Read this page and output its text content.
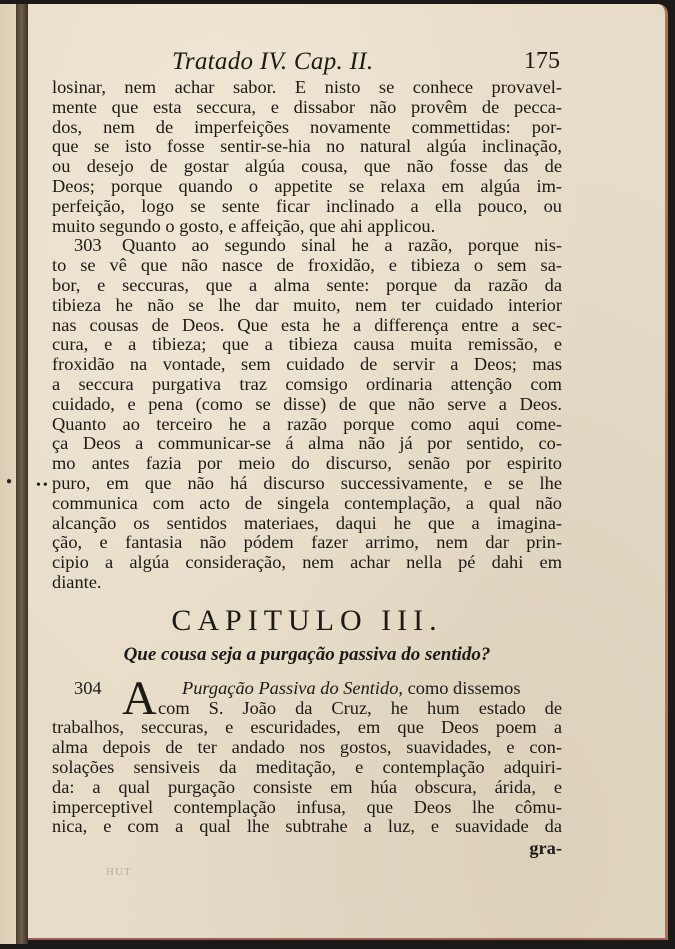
●
HUT
••
Tratado IV. Cap. II.	175
losinar, nem achar sabor. E nisto se conhece provavel-
mente que esta seccura, e dissabor não provêm de pecca-
dos, nem de imperfeições novamente commettidas: por-
que se isto fosse sentir-se-hia no natural algúa inclinação,
ou desejo de gostar algúa cousa, que não fosse das de
Deos; porque quando o appetite se relaxa em algúa im-
perfeição, logo se sente ficar inclinado a ella pouco, ou
muito segundo o gosto, e affeição, que ahi applicou.
303 Quanto ao segundo sinal he a razão, porque nis-
to se vê que não nasce de froxidão, e tibieza o sem sa-
bor, e seccuras, que a alma sente: porque da razão da
tibieza he não se lhe dar muito, nem ter cuidado interior
nas cousas de Deos. Que esta he a differença entre a sec-
cura, e a tibieza; que a tibieza causa muita remissão, e
froxidão na vontade, sem cuidado de servir a Deos; mas
a seccura purgativa traz comsigo ordinaria attenção com
cuidado, e pena (como se disse) de que não serve a Deos.
Quanto ao terceiro he a razão porque como aqui come-
ça Deos a communicar-se á alma não já por sentido, co-
mo antes fazia por meio do discurso, senão por espirito
puro, em que não há discurso successivamente, e se lhe
communica com acto de singela contemplação, a qual não
alcanção os sentidos materiaes, daqui he que a imagina-
ção, e fantasia não pódem fazer arrimo, nem dar prin-
cipio a algúa consideração, nem achar nella pé dahi em
diante.
CAPITULO III.
Que cousa seja a purgação passiva do sentido?
A
304	Purgação Passiva do Sentido, como dissemos
com S. João da Cruz, he hum estado de
trabalhos, seccuras, e escuridades, em que Deos poem a
alma depois de ter andado nos gostos, suavidades, e con-
solações sensiveis da meditação, e contemplação adquiri-
da: a qual purgação consiste em húa obscura, árida, e
imperceptivel contemplação infusa, que Deos lhe cômu-
nica, e com a qual lhe subtrahe a luz, e suavidade da
gra-
